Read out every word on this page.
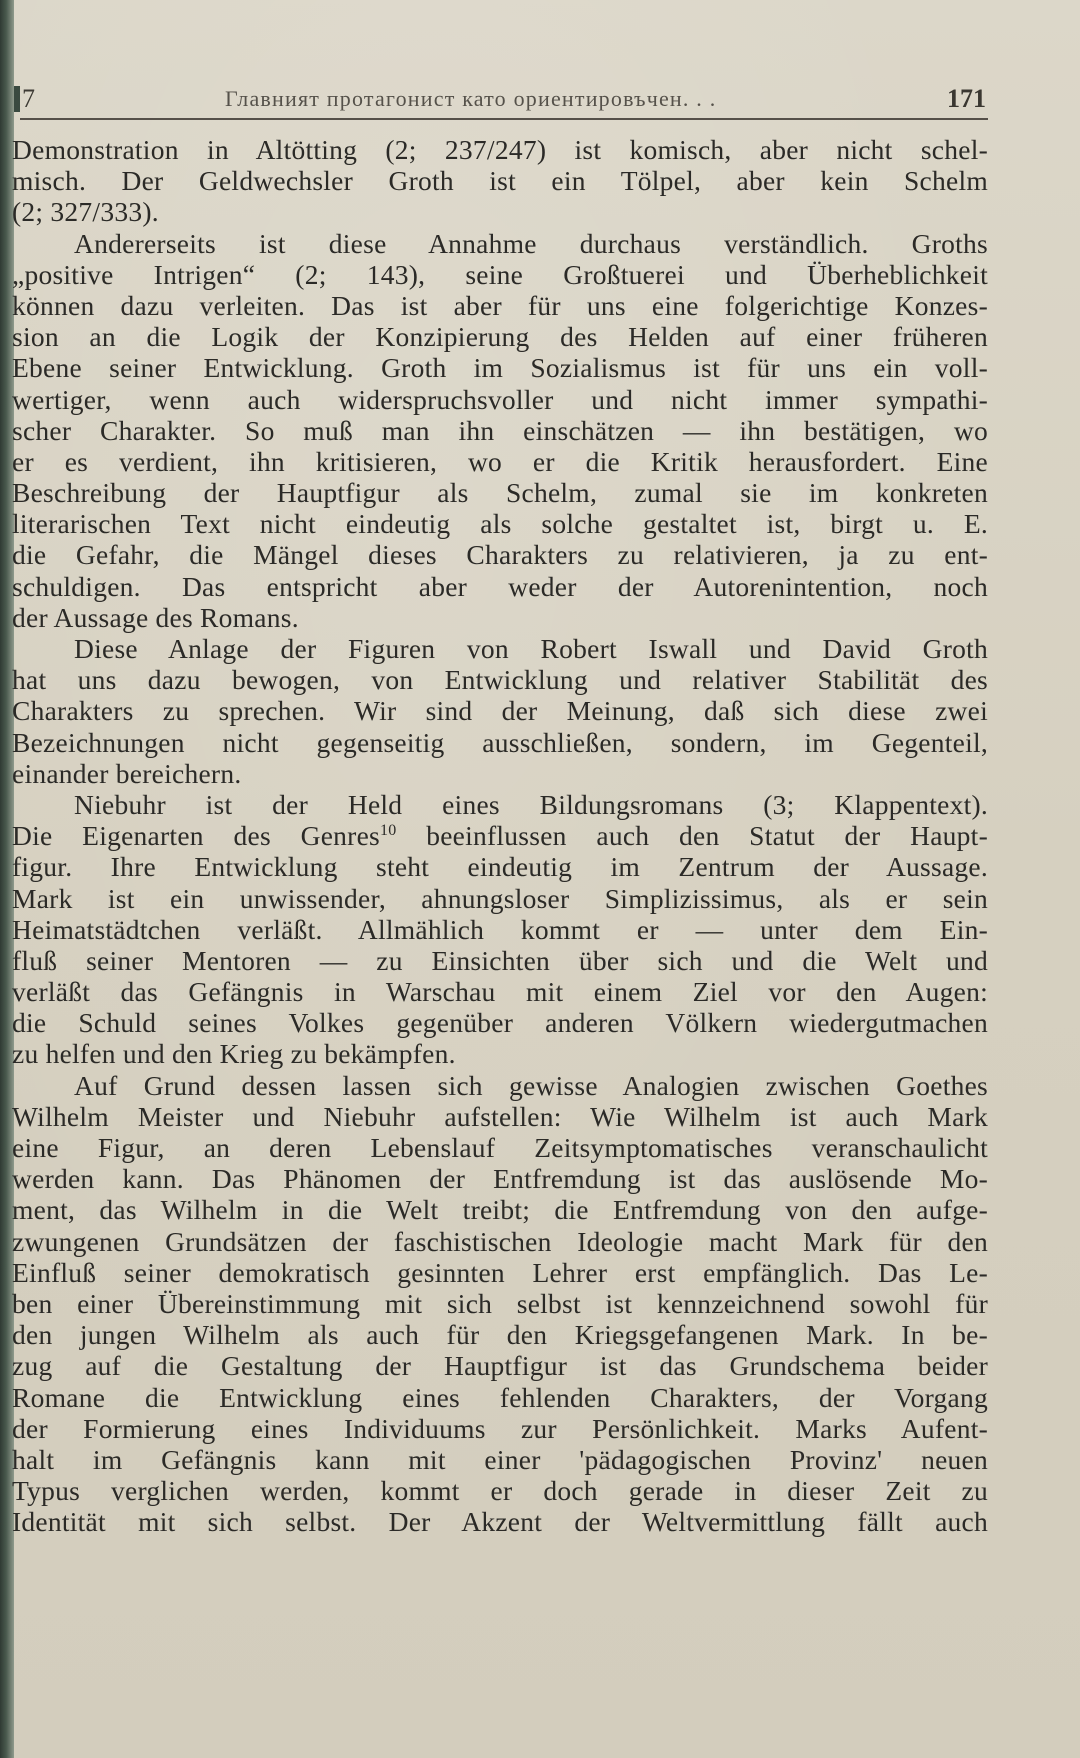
7	Главният протагонист като ориентировъчен. . .	171
Demonstration in Altötting (2; 237/247) ist komisch, aber nicht schel-
misch. Der Geldwechsler Groth ist ein Tölpel, aber kein Schelm
(2; 327/333).
Andererseits ist diese Annahme durchaus verständlich. Groths
„positive Intrigen“ (2; 143), seine Großtuerei und Überheblichkeit
können dazu verleiten. Das ist aber für uns eine folgerichtige Konzes-
sion an die Logik der Konzipierung des Helden auf einer früheren
Ebene seiner Entwicklung. Groth im Sozialismus ist für uns ein voll-
wertiger, wenn auch widerspruchsvoller und nicht immer sympathi-
scher Charakter. So muß man ihn einschätzen — ihn bestätigen, wo
er es verdient, ihn kritisieren, wo er die Kritik herausfordert. Eine
Beschreibung der Hauptfigur als Schelm, zumal sie im konkreten
literarischen Text nicht eindeutig als solche gestaltet ist, birgt u. E.
die Gefahr, die Mängel dieses Charakters zu relativieren, ja zu ent-
schuldigen. Das entspricht aber weder der Autorenintention, noch
der Aussage des Romans.
Diese Anlage der Figuren von Robert Iswall und David Groth
hat uns dazu bewogen, von Entwicklung und relativer Stabilität des
Charakters zu sprechen. Wir sind der Meinung, daß sich diese zwei
Bezeichnungen nicht gegenseitig ausschließen, sondern, im Gegenteil,
einander bereichern.
Niebuhr ist der Held eines Bildungsromans (3; Klappentext).
Die Eigenarten des Genres$^{10}$ beeinflussen auch den Statut der Haupt-
figur. Ihre Entwicklung steht eindeutig im Zentrum der Aussage.
Mark ist ein unwissender, ahnungsloser Simplizissimus, als er sein
Heimatstädtchen verläßt. Allmählich kommt er — unter dem Ein-
fluß seiner Mentoren — zu Einsichten über sich und die Welt und
verläßt das Gefängnis in Warschau mit einem Ziel vor den Augen:
die Schuld seines Volkes gegenüber anderen Völkern wiedergutmachen
zu helfen und den Krieg zu bekämpfen.
Auf Grund dessen lassen sich gewisse Analogien zwischen Goethes
Wilhelm Meister und Niebuhr aufstellen: Wie Wilhelm ist auch Mark
eine Figur, an deren Lebenslauf Zeitsymptomatisches veranschaulicht
werden kann. Das Phänomen der Entfremdung ist das auslösende Mo-
ment, das Wilhelm in die Welt treibt; die Entfremdung von den aufge-
zwungenen Grundsätzen der faschistischen Ideologie macht Mark für den
Einfluß seiner demokratisch gesinnten Lehrer erst empfänglich. Das Le-
ben einer Übereinstimmung mit sich selbst ist kennzeichnend sowohl für
den jungen Wilhelm als auch für den Kriegsgefangenen Mark. In be-
zug auf die Gestaltung der Hauptfigur ist das Grundschema beider
Romane die Entwicklung eines fehlenden Charakters, der Vorgang
der Formierung eines Individuums zur Persönlichkeit. Marks Aufent-
halt im Gefängnis kann mit einer 'pädagogischen Provinz' neuen
Typus verglichen werden, kommt er doch gerade in dieser Zeit zu
Identität mit sich selbst. Der Akzent der Weltvermittlung fällt auch
